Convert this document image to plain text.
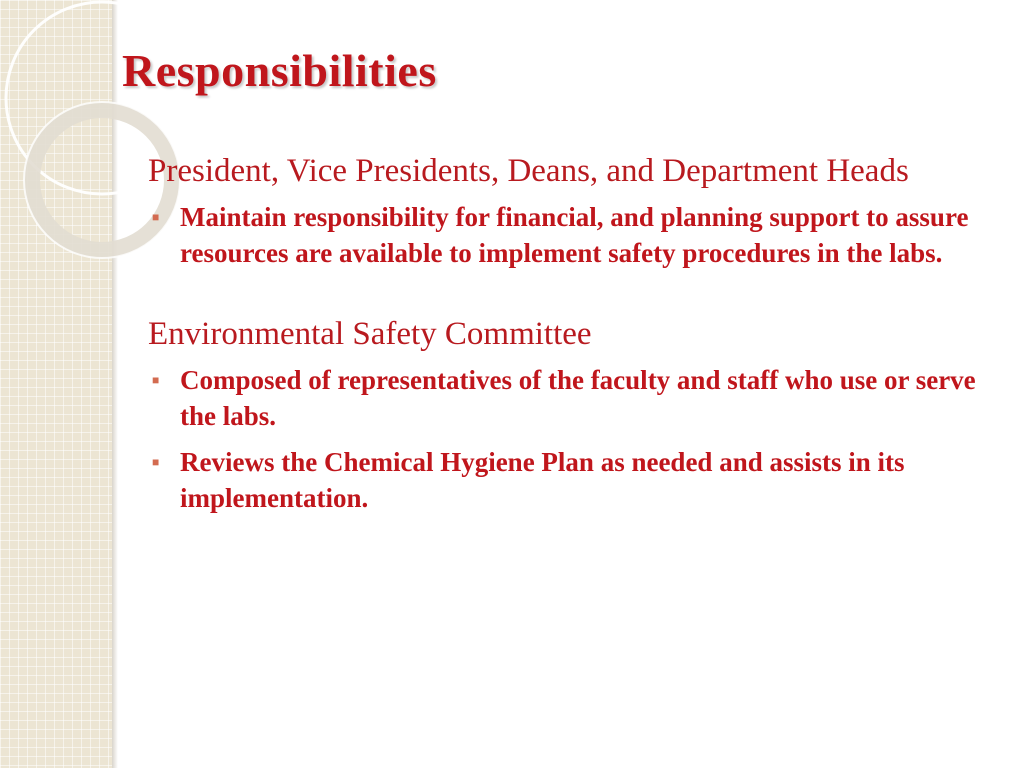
Responsibilities
President, Vice Presidents, Deans, and Department Heads
■ Maintain responsibility for financial, and planning support to assure resources are available to implement safety procedures in the labs.
Environmental Safety Committee
■ Composed of representatives of the faculty and staff who use or serve the labs.
■ Reviews the Chemical Hygiene Plan as needed and assists in its implementation.
